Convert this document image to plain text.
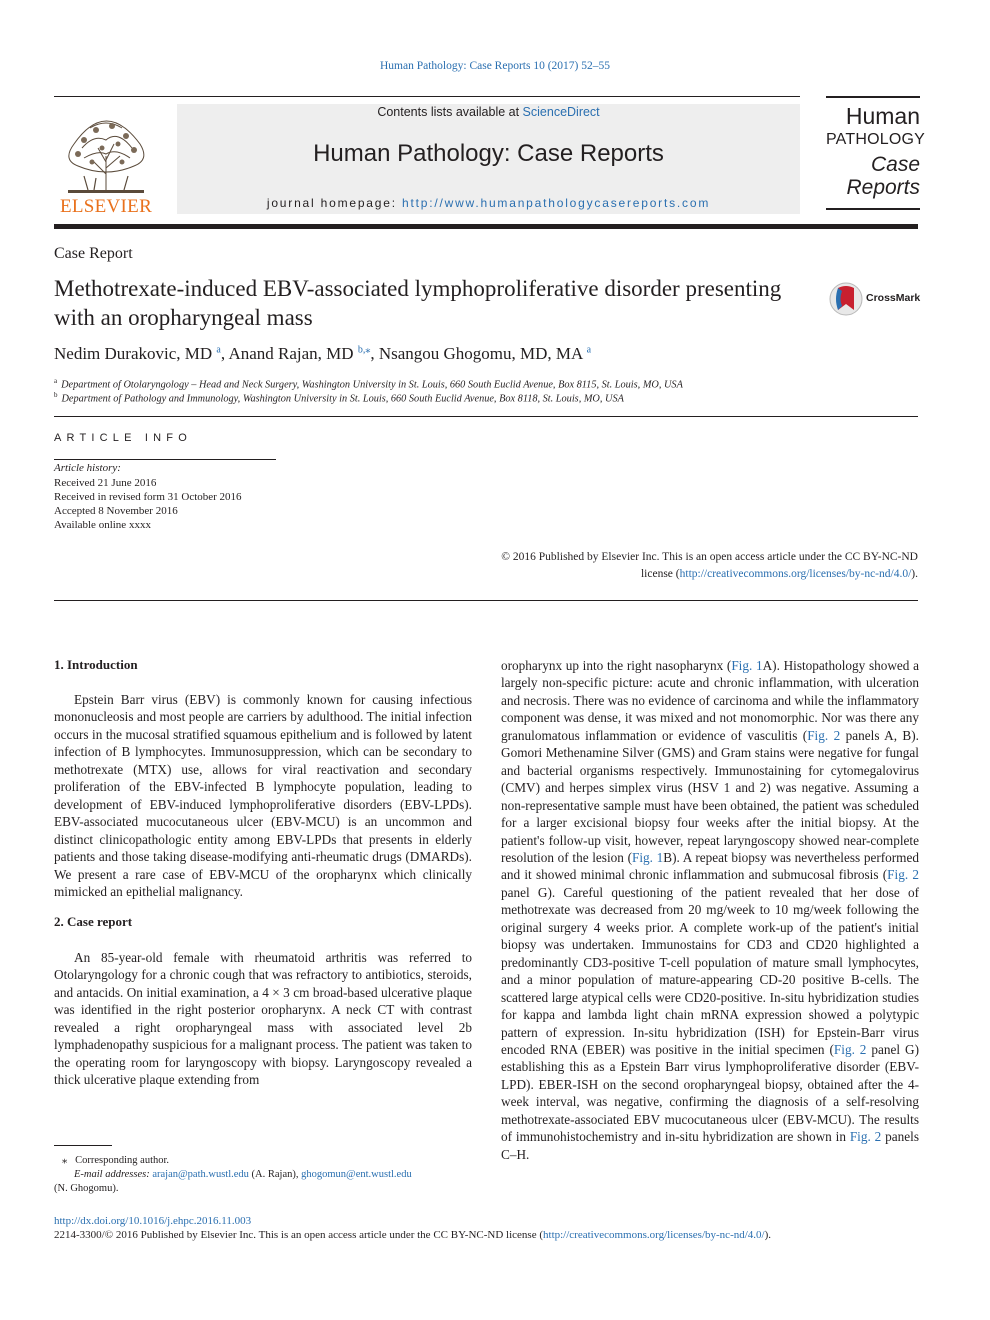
Human Pathology: Case Reports 10 (2017) 52–55
ELSEVIER
Contents lists available at ScienceDirect
Human Pathology: Case Reports
journal homepage: http://www.humanpathologycasereports.com
Human
PATHOLOGY
Case
Reports
Case Report
Methotrexate-induced EBV-associated lymphoproliferative disorder presenting with an oropharyngeal mass
CrossMark
Nedim Durakovic, MD $^a$, Anand Rajan, MD $^{b,⁎}$, Nsangou Ghogomu, MD, MA $^a$
$^a$ Department of Otolaryngology – Head and Neck Surgery, Washington University in St. Louis, 660 South Euclid Avenue, Box 8115, St. Louis, MO, USA
$^b$ Department of Pathology and Immunology, Washington University in St. Louis, 660 South Euclid Avenue, Box 8118, St. Louis, MO, USA
ARTICLE INFO
Article history:
Received 21 June 2016
Received in revised form 31 October 2016
Accepted 8 November 2016
Available online xxxx
© 2016 Published by Elsevier Inc. This is an open access article under the CC BY-NC-ND
license (http://creativecommons.org/licenses/by-nc-nd/4.0/).
1. Introduction

Epstein Barr virus (EBV) is commonly known for causing infectious mononucleosis and most people are carriers by adulthood. The initial infection occurs in the mucosal stratified squamous epithelium and is followed by latent infection of B lymphocytes. Immunosuppression, which can be secondary to methotrexate (MTX) use, allows for viral reactivation and secondary proliferation of the EBV-infected B lymphocyte population, leading to development of EBV-induced lymphoproliferative disorders (EBV-LPDs). EBV-associated mucocutaneous ulcer (EBV-MCU) is an uncommon and distinct clinicopathologic entity among EBV-LPDs that presents in elderly patients and those taking disease-modifying anti-rheumatic drugs (DMARDs). We present a rare case of EBV-MCU of the oropharynx which clinically mimicked an epithelial malignancy.

2. Case report

An 85-year-old female with rheumatoid arthritis was referred to Otolaryngology for a chronic cough that was refractory to antibiotics, steroids, and antacids. On initial examination, a 4 × 3 cm broad-based ulcerative plaque was identified in the right posterior oropharynx. A neck CT with contrast revealed a right oropharyngeal mass with associated level 2b lymphadenopathy suspicious for a malignant process. The patient was taken to the operating room for laryngoscopy with biopsy. Laryngoscopy revealed a thick ulcerative plaque extending from

oropharynx up into the right nasopharynx (Fig. 1A). Histopathology showed a largely non-specific picture: acute and chronic inflammation, with ulceration and necrosis. There was no evidence of carcinoma and while the inflammatory component was dense, it was mixed and not monomorphic. Nor was there any granulomatous inflammation or evidence of vasculitis (Fig. 2 panels A, B). Gomori Methenamine Silver (GMS) and Gram stains were negative for fungal and bacterial organisms respectively. Immunostaining for cytomegalovirus (CMV) and herpes simplex virus (HSV 1 and 2) was negative. Assuming a non-representative sample must have been obtained, the patient was scheduled for a larger excisional biopsy four weeks after the initial biopsy. At the patient's follow-up visit, however, repeat laryngoscopy showed near-complete resolution of the lesion (Fig. 1B). A repeat biopsy was nevertheless performed and it showed minimal chronic inflammation and submucosal fibrosis (Fig. 2 panel G). Careful questioning of the patient revealed that her dose of methotrexate was decreased from 20 mg/week to 10 mg/week following the original surgery 4 weeks prior. A complete work-up of the patient's initial biopsy was undertaken. Immunostains for CD3 and CD20 highlighted a predominantly CD3-positive T-cell population of mature small lymphocytes, and a minor population of mature-appearing CD-20 positive B-cells. The scattered large atypical cells were CD20-positive. In-situ hybridization studies for kappa and lambda light chain mRNA expression showed a polytypic pattern of expression. In-situ hybridization (ISH) for Epstein-Barr virus encoded RNA (EBER) was positive in the initial specimen (Fig. 2 panel G) establishing this as a Epstein Barr virus lymphoproliferative disorder (EBV-LPD). EBER-ISH on the second oropharyngeal biopsy, obtained after the 4-week interval, was negative, confirming the diagnosis of a self-resolving methotrexate-associated EBV mucocutaneous ulcer (EBV-MCU). The results of immunohistochemistry and in-situ hybridization are shown in Fig. 2 panels C–H.

⁎ Corresponding author.
E-mail addresses: arajan@path.wustl.edu (A. Rajan), ghogomun@ent.wustl.edu
(N. Ghogomu).
http://dx.doi.org/10.1016/j.ehpc.2016.11.003
2214-3300/© 2016 Published by Elsevier Inc. This is an open access article under the CC BY-NC-ND license (http://creativecommons.org/licenses/by-nc-nd/4.0/).
